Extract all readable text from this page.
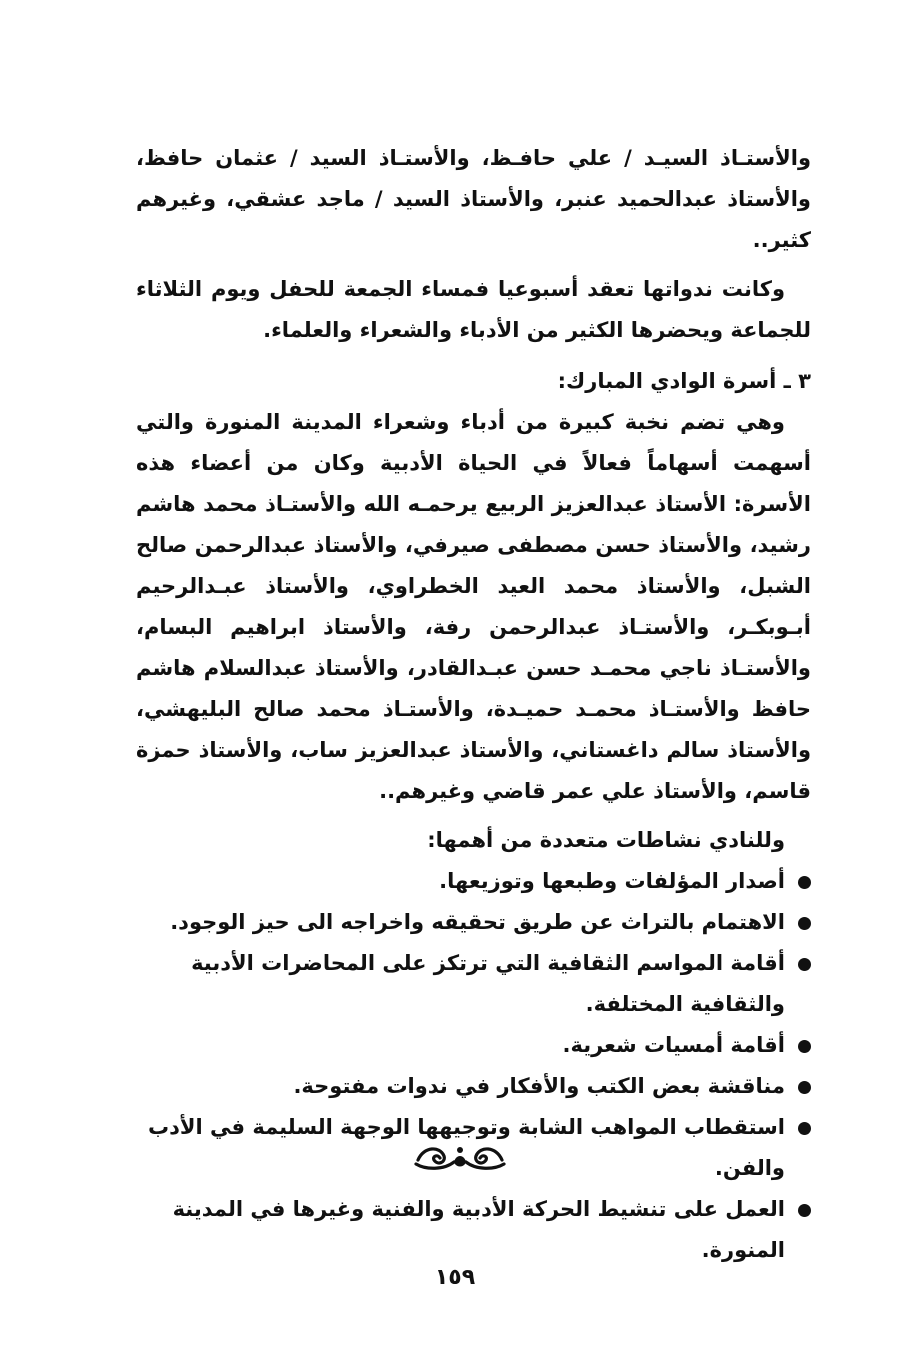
والأستـاذ السيـد / علي حافـظ، والأستـاذ السيد / عثمان حافظ، والأستاذ عبدالحميد عنبر، والأستاذ السيد / ماجد عشقي، وغيرهم كثير..

وكانت ندواتها تعقد أسبوعيا فمساء الجمعة للحفل ويوم الثلاثاء للجماعة ويحضرها الكثير من الأدباء والشعراء والعلماء.

٣ ـ أسرة الوادي المبارك:

وهي تضم نخبة كبيرة من أدباء وشعراء المدينة المنورة والتي أسهمت أسهاماً فعالاً في الحياة الأدبية وكان من أعضاء هذه الأسرة: الأستاذ عبدالعزيز الربيع يرحمـه الله والأستـاذ محمد هاشم رشيد، والأستاذ حسن مصطفى صيرفي، والأستاذ عبدالرحمن صالح الشبل، والأستاذ محمد العيد الخطراوي، والأستاذ عبـدالرحيم أبـوبكـر، والأستـاذ عبدالرحمن رفة، والأستاذ ابراهيم البسام، والأستـاذ ناجي محمـد حسن عبـدالقادر، والأستاذ عبدالسلام هاشم حافظ والأستـاذ محمـد حميـدة، والأستـاذ محمد صالح البليهشي، والأستاذ سالم داغستاني، والأستاذ عبدالعزيز ساب، والأستاذ حمزة قاسم، والأستاذ علي عمر قاضي وغيرهم..

وللنادي نشاطات متعددة من أهمها:

أصدار المؤلفات وطبعها وتوزيعها.
الاهتمام بالتراث عن طريق تحقيقه واخراجه الى حيز الوجود.
أقامة المواسم الثقافية التي ترتكز على المحاضرات الأدبية والثقافية المختلفة.
أقامة أمسيات شعرية.
مناقشة بعض الكتب والأفكار في ندوات مفتوحة.
استقطاب المواهب الشابة وتوجيهها الوجهة السليمة في الأدب والفن.
العمل على تنشيط الحركة الأدبية والفنية وغيرها في المدينة المنورة.
١٥٩
